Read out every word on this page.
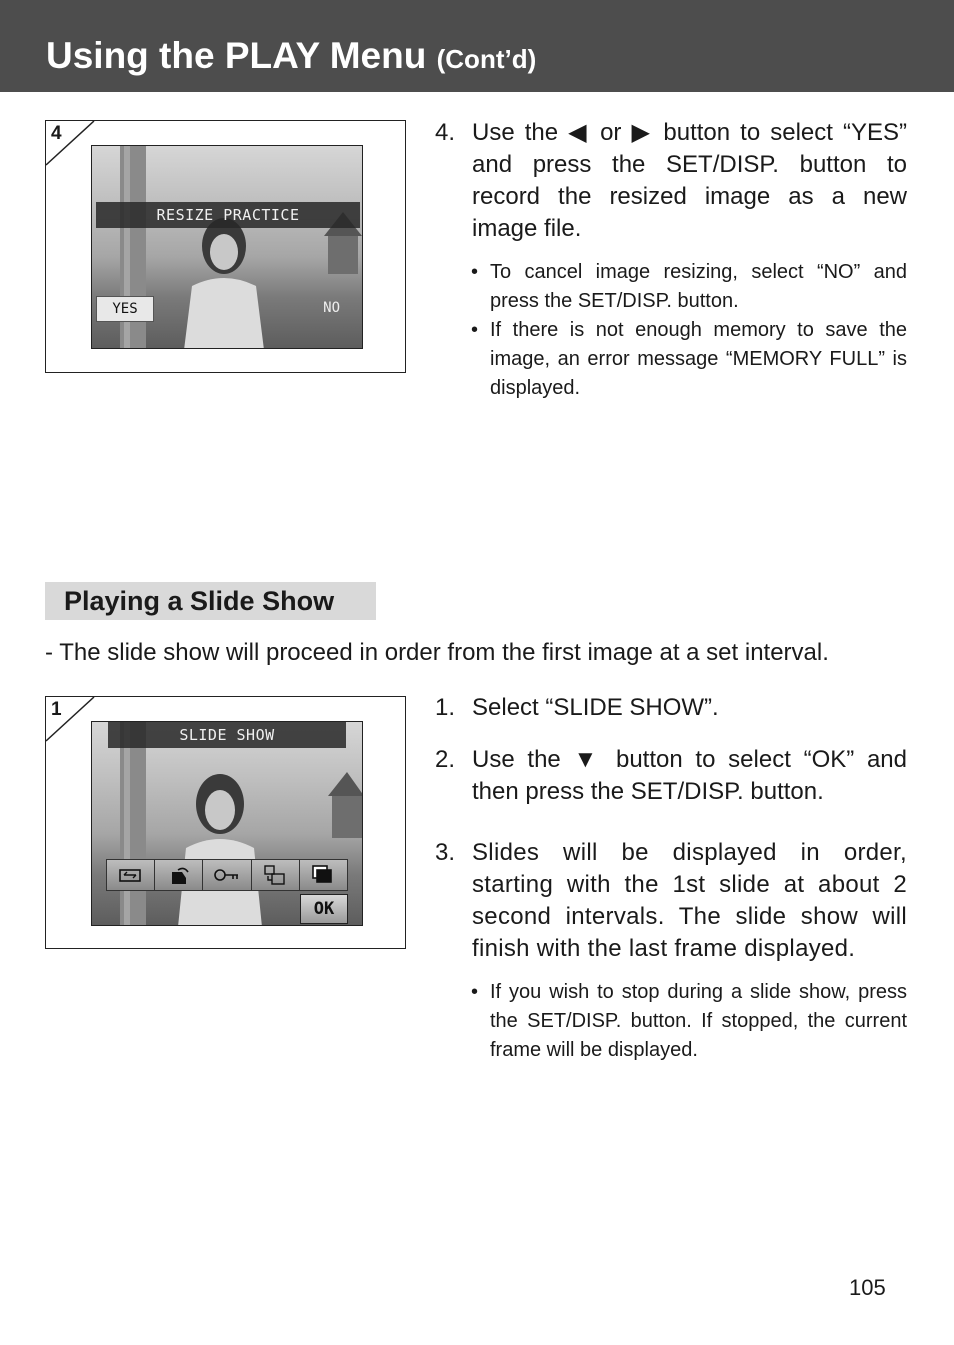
Using the PLAY Menu (Cont’d)
4
RESIZE PRACTICE
YES	NO
4. Use the ◀ or ▶ button to select “YES” and press the SET/DISP. button to record the resized image as a new image file.
• To cancel image resizing, select “NO” and press the SET/DISP. button.
• If there is not enough memory to save the image, an error message “MEMORY FULL” is displayed.
Playing a Slide Show
- The slide show will proceed in order from the first image at a set interval.
1
SLIDE SHOW
OK
1. Select “SLIDE SHOW”.
2. Use the ▼ button to select “OK” and then press the SET/DISP. button.
3. Slides will be displayed in order, starting with the 1st slide at about 2 second intervals. The slide show will finish with the last frame displayed.
• If you wish to stop during a slide show, press the SET/DISP. button. If stopped, the current frame will be displayed.
105
